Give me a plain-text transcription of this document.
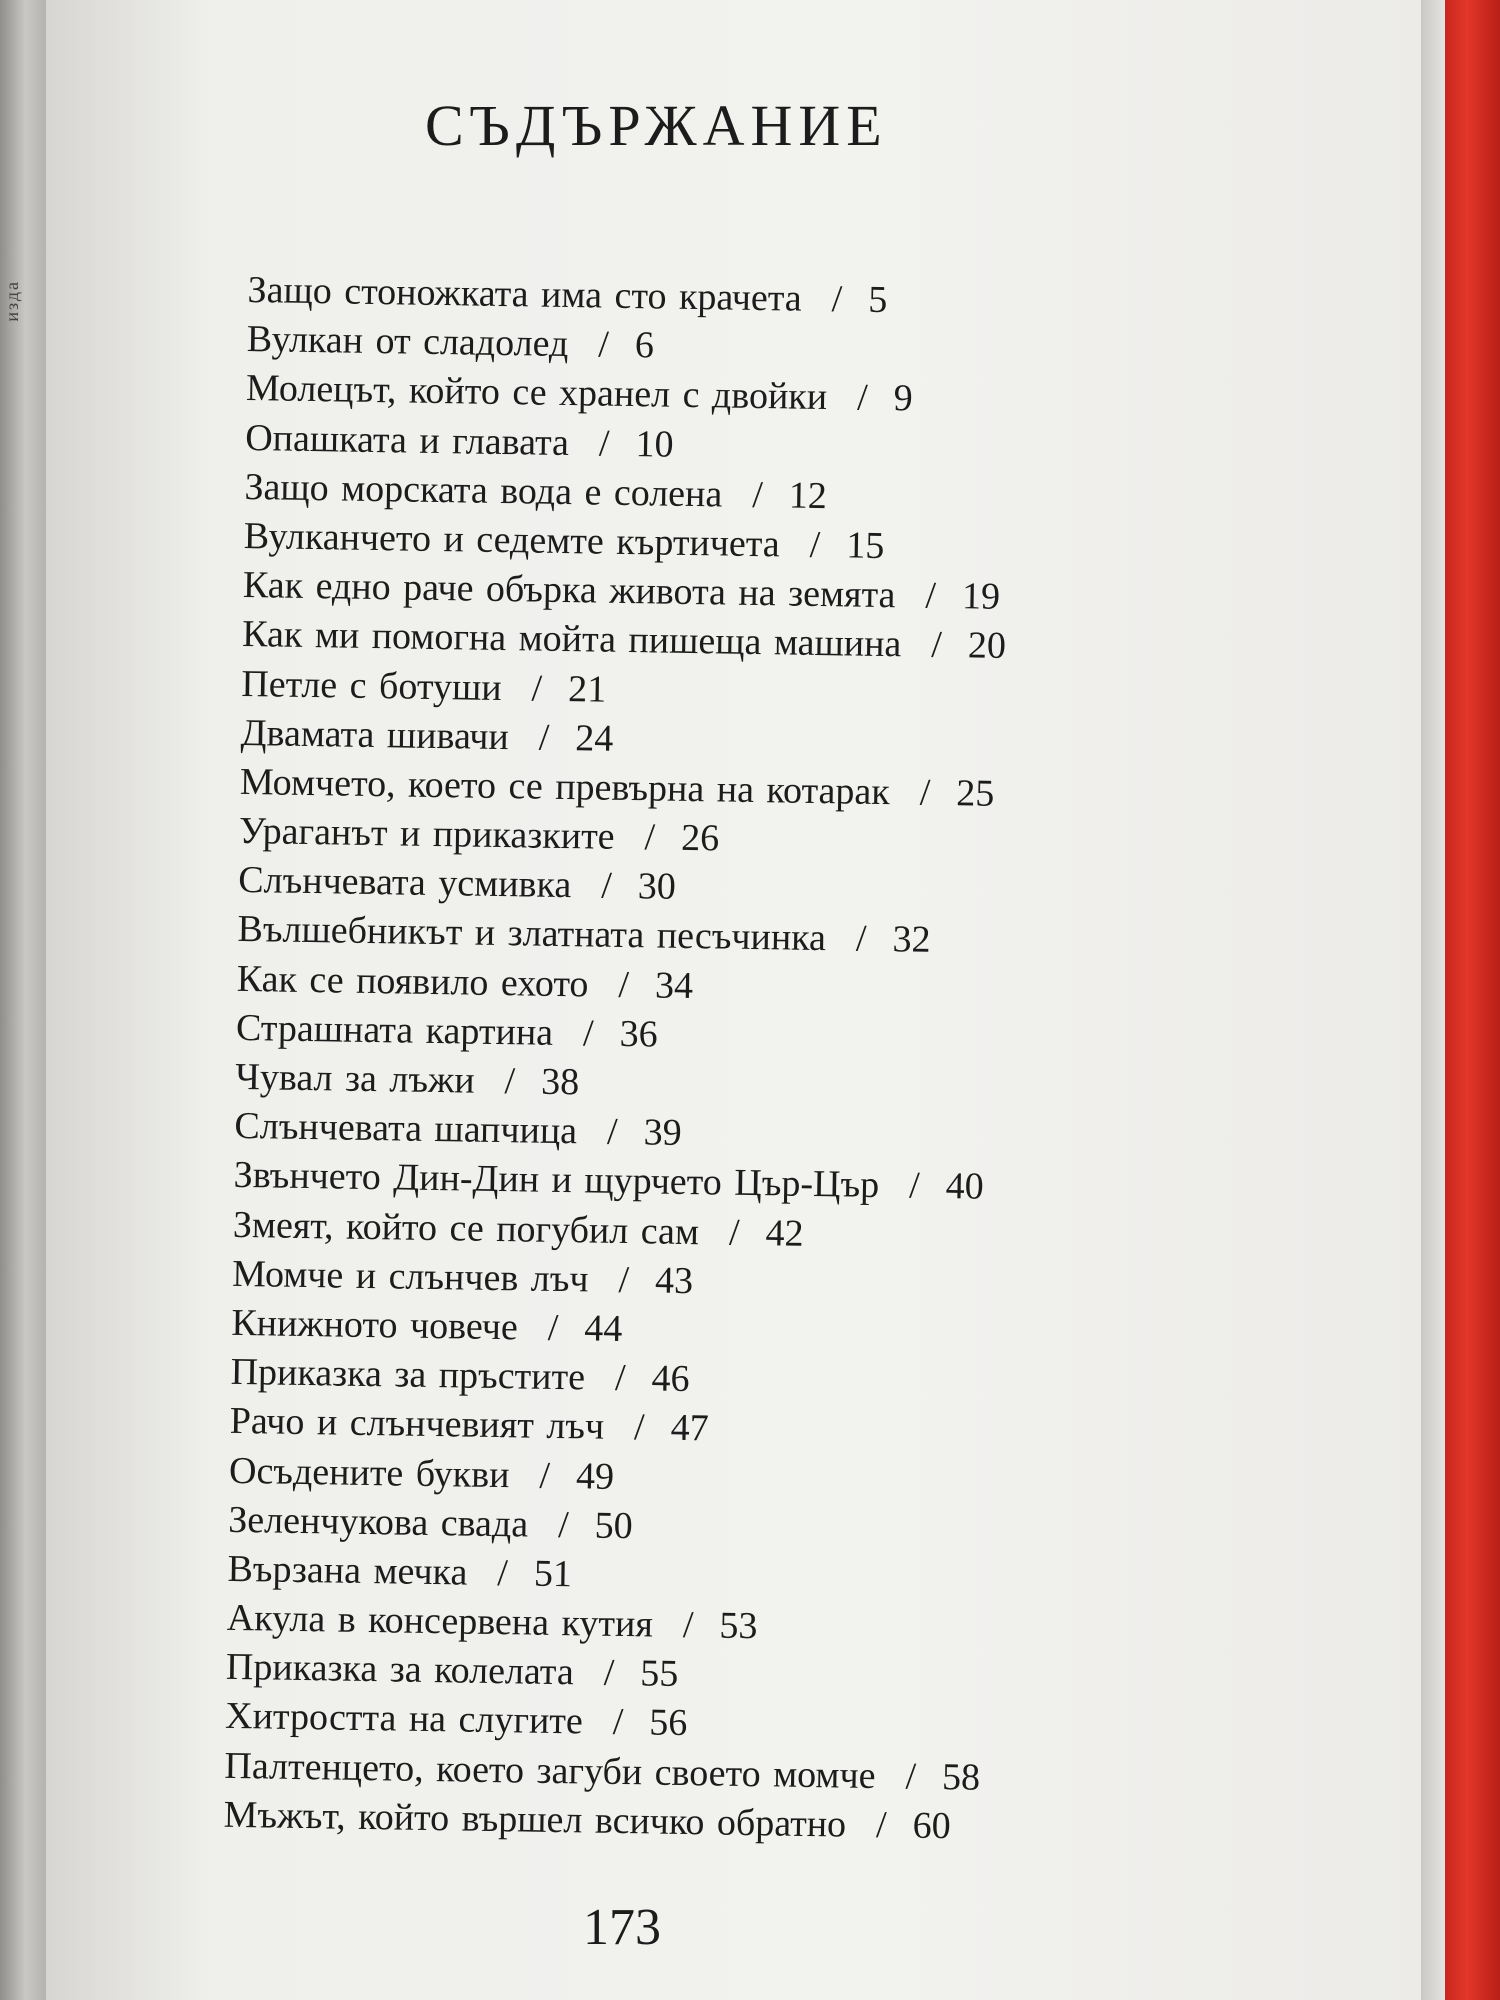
изда
СЪДЪРЖАНИЕ
Защо стоножката има сто крачета / 5
Вулкан от сладолед / 6
Молецът, който се хранел с двойки / 9
Опашката и главата / 10
Защо морската вода е солена / 12
Вулканчето и седемте къртичета / 15
Как едно рачe обърка живота на земята / 19
Как ми помогна мойта пишеща машина / 20
Петле с ботуши / 21
Двамата шивачи / 24
Момчето, което се превърна на котарак / 25
Ураганът и приказките / 26
Слънчевата усмивка / 30
Вълшебникът и златната песъчинка / 32
Как се появило ехото / 34
Страшната картина / 36
Чувал за лъжи / 38
Слънчевата шапчица / 39
Звънчето Дин-Дин и щурчето Цър-Цър / 40
Змеят, който се погубил сам / 42
Момче и слънчев лъч / 43
Книжното човече / 44
Приказка за пръстите / 46
Рачо и слънчевият лъч / 47
Осъдените букви / 49
Зеленчукова свада / 50
Вързана мечка / 51
Акула в консервена кутия / 53
Приказка за колелата / 55
Хитростта на слугите / 56
Палтенцето, което загуби своето момче / 58
Мъжът, който вършел всичко обратно / 60
173
